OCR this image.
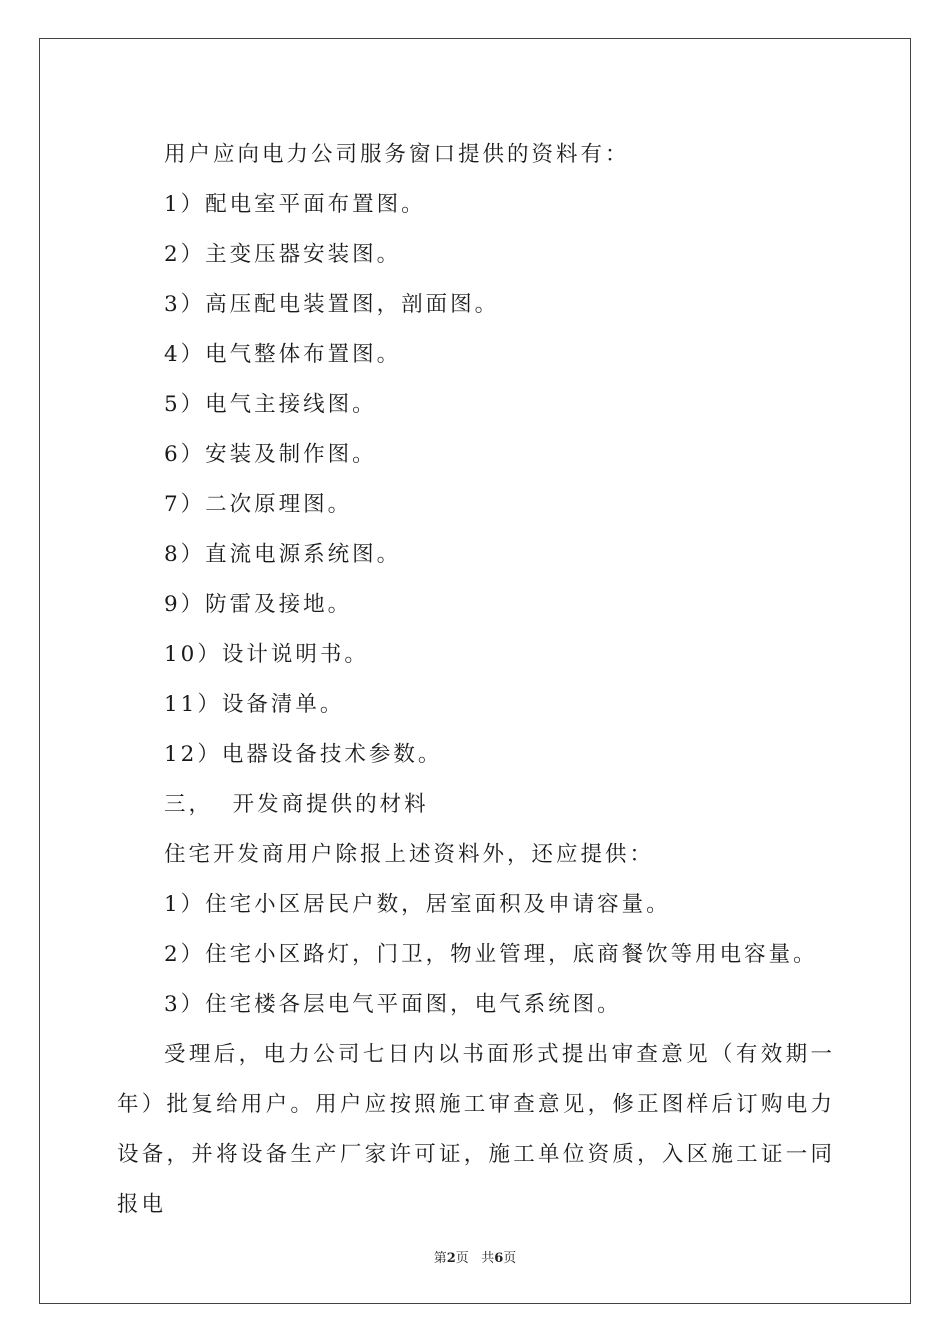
用户应向电力公司服务窗口提供的资料有：
1）配电室平面布置图。
2）主变压器安装图。
3）高压配电装置图，剖面图。
4）电气整体布置图。
5）电气主接线图。
6）安装及制作图。
7）二次原理图。
8）直流电源系统图。
9）防雷及接地。
10）设计说明书。
11）设备清单。
12）电器设备技术参数。
三，  开发商提供的材料
住宅开发商用户除报上述资料外，还应提供：
1）住宅小区居民户数，居室面积及申请容量。
2）住宅小区路灯，门卫，物业管理，底商餐饮等用电容量。
3）住宅楼各层电气平面图，电气系统图。

受理后，电力公司七日内以书面形式提出审查意见（有效期一年）批复给用户。用户应按照施工审查意见，修正图样后订购电力设备，并将设备生产厂家许可证，施工单位资质，入区施工证一同报电

第2页 共6页
